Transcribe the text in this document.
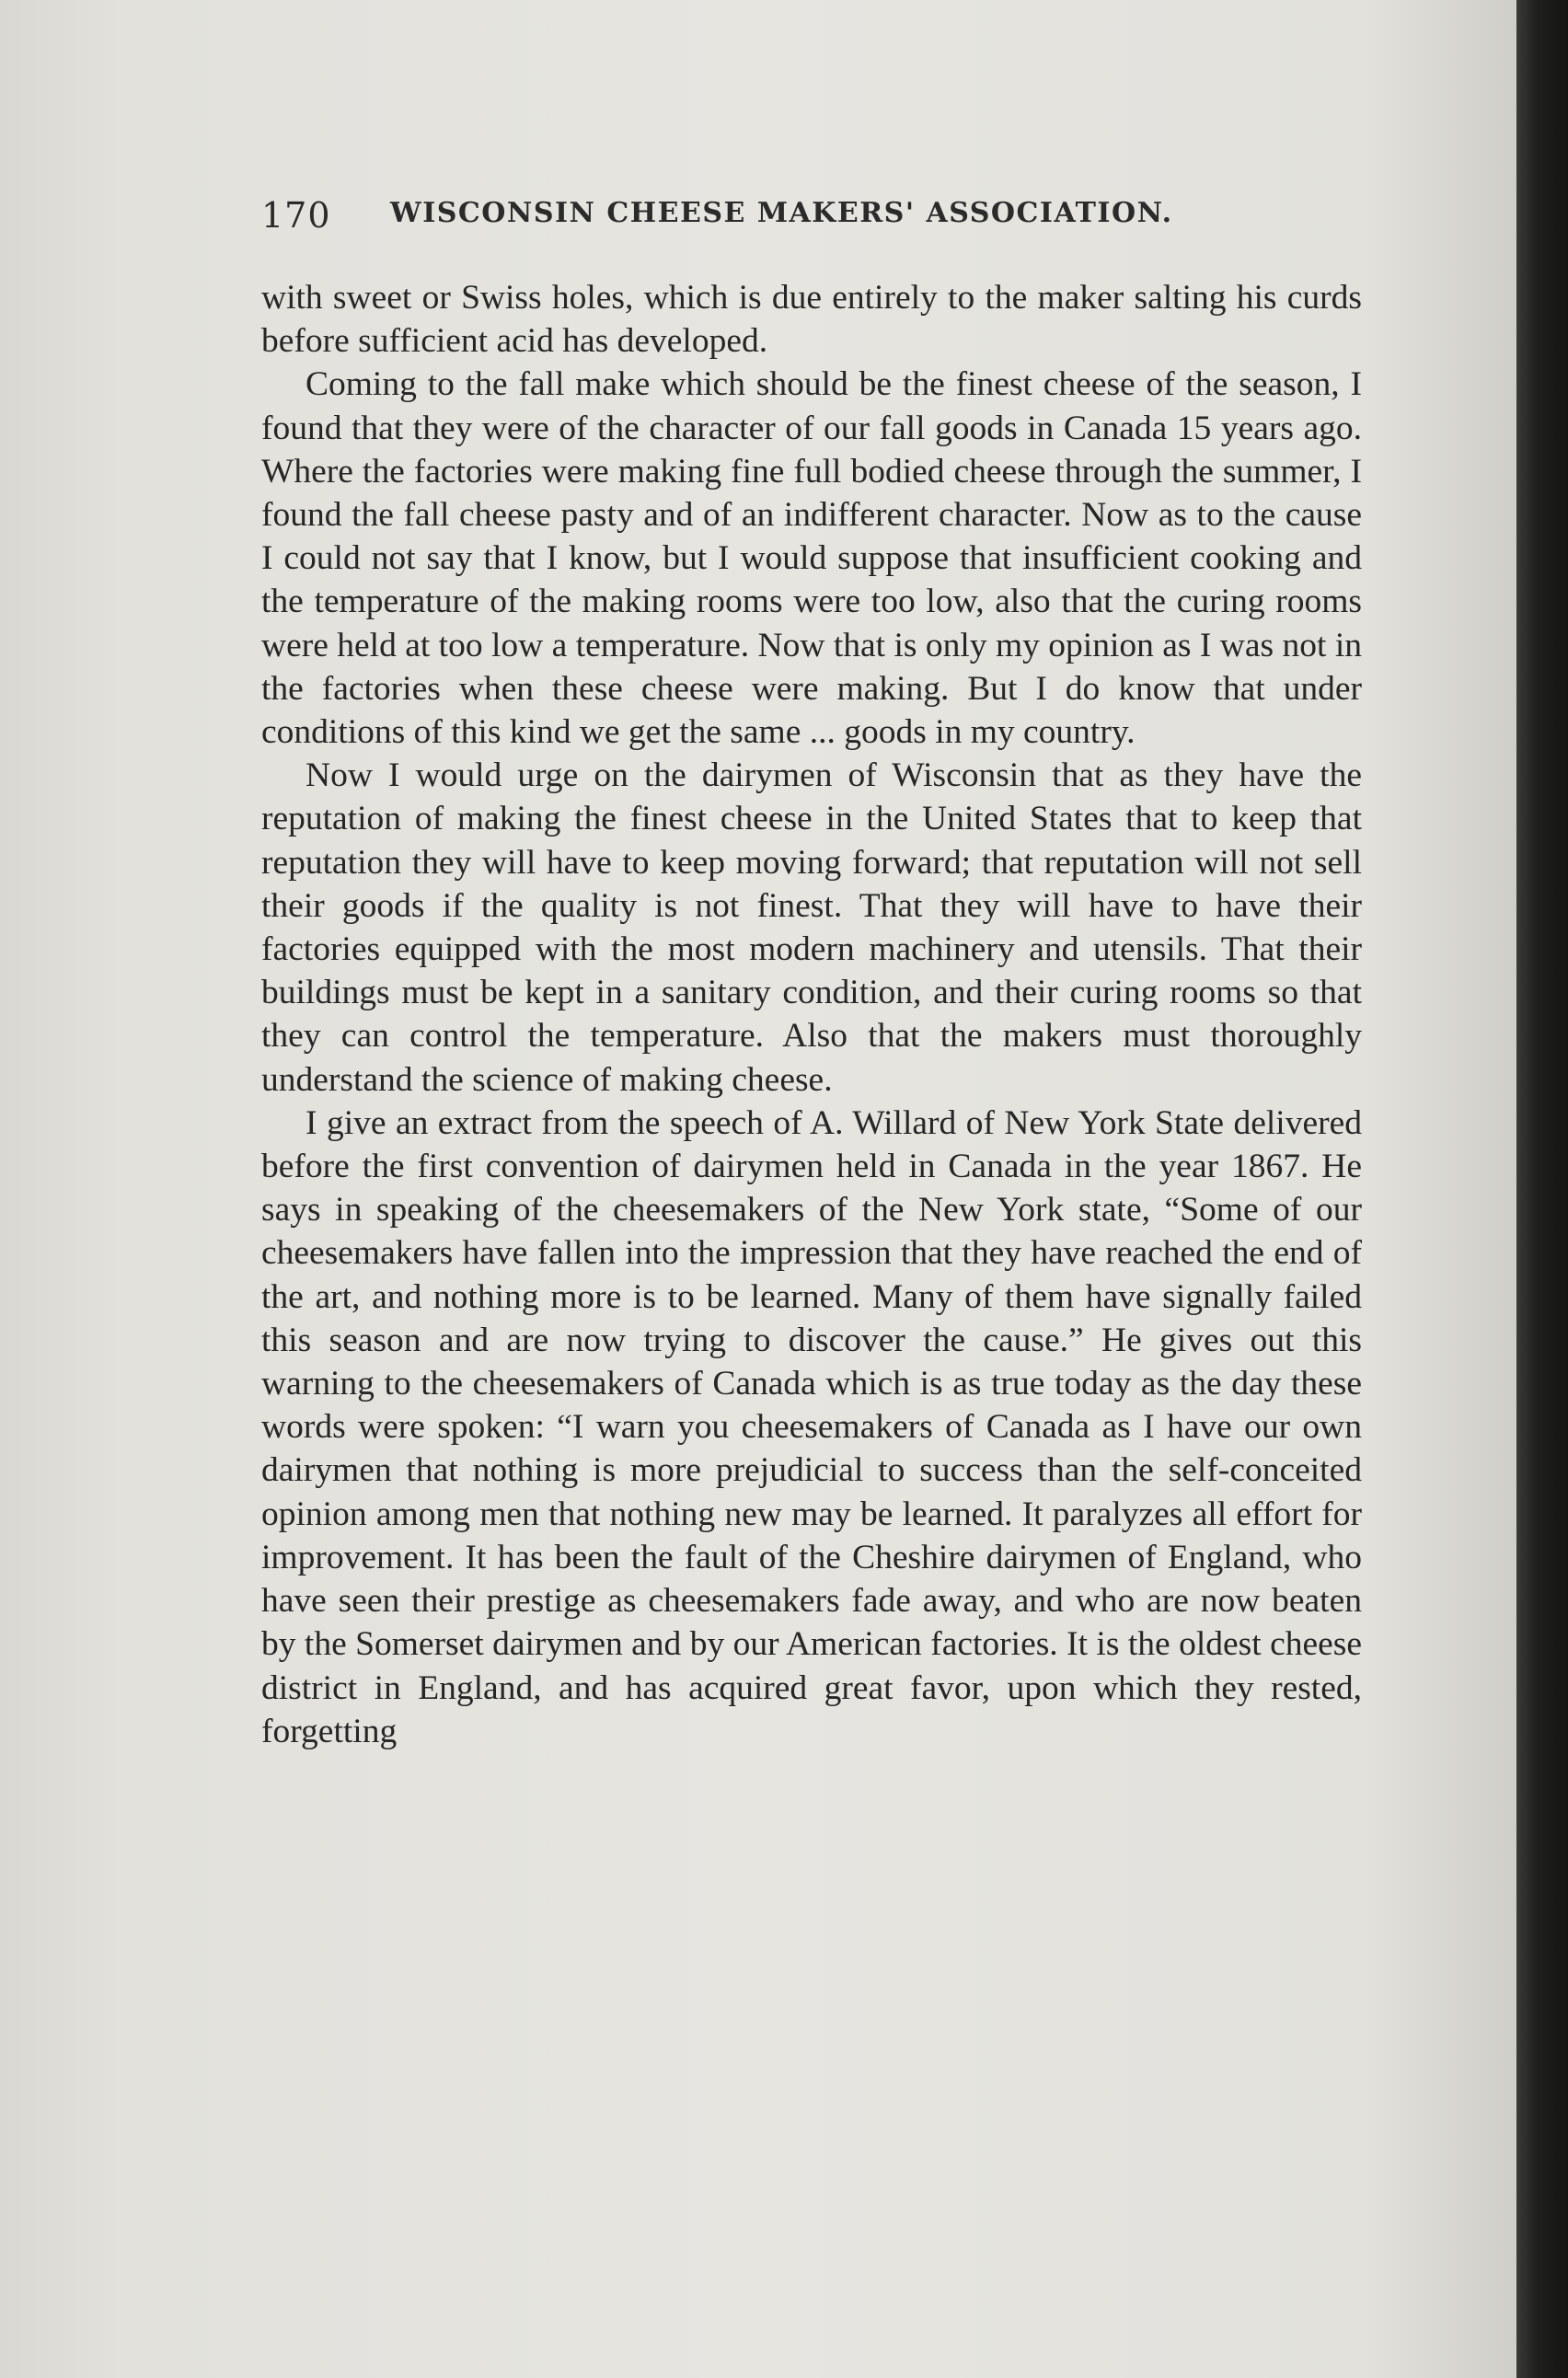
170 WISCONSIN CHEESE MAKERS' ASSOCIATION.

with sweet or Swiss holes, which is due entirely to the maker salting his curds before sufficient acid has developed.

Coming to the fall make which should be the finest cheese of the season, I found that they were of the character of our fall goods in Canada 15 years ago. Where the factories were making fine full bodied cheese through the summer, I found the fall cheese pasty and of an indifferent character. Now as to the cause I could not say that I know, but I would suppose that insufficient cooking and the temperature of the making rooms were too low, also that the curing rooms were held at too low a temperature. Now that is only my opinion as I was not in the factories when these cheese were making. But I do know that under conditions of this kind we get the same ... goods in my country.

Now I would urge on the dairymen of Wisconsin that as they have the reputation of making the finest cheese in the United States that to keep that reputation they will have to keep moving forward; that reputation will not sell their goods if the quality is not finest. That they will have to have their factories equipped with the most modern machinery and utensils. That their buildings must be kept in a sanitary condition, and their curing rooms so that they can control the temperature. Also that the makers must thoroughly understand the science of making cheese.

I give an extract from the speech of A. Willard of New York State delivered before the first convention of dairymen held in Canada in the year 1867. He says in speaking of the cheesemakers of the New York state, “Some of our cheesemakers have fallen into the impression that they have reached the end of the art, and nothing more is to be learned. Many of them have signally failed this season and are now trying to discover the cause.” He gives out this warning to the cheesemakers of Canada which is as true today as the day these words were spoken: “I warn you cheesemakers of Canada as I have our own dairymen that nothing is more prejudicial to success than the self-conceited opinion among men that nothing new may be learned. It paralyzes all effort for improvement. It has been the fault of the Cheshire dairymen of England, who have seen their prestige as cheesemakers fade away, and who are now beaten by the Somerset dairymen and by our American factories. It is the oldest cheese district in England, and has acquired great favor, upon which they rested, forgetting
